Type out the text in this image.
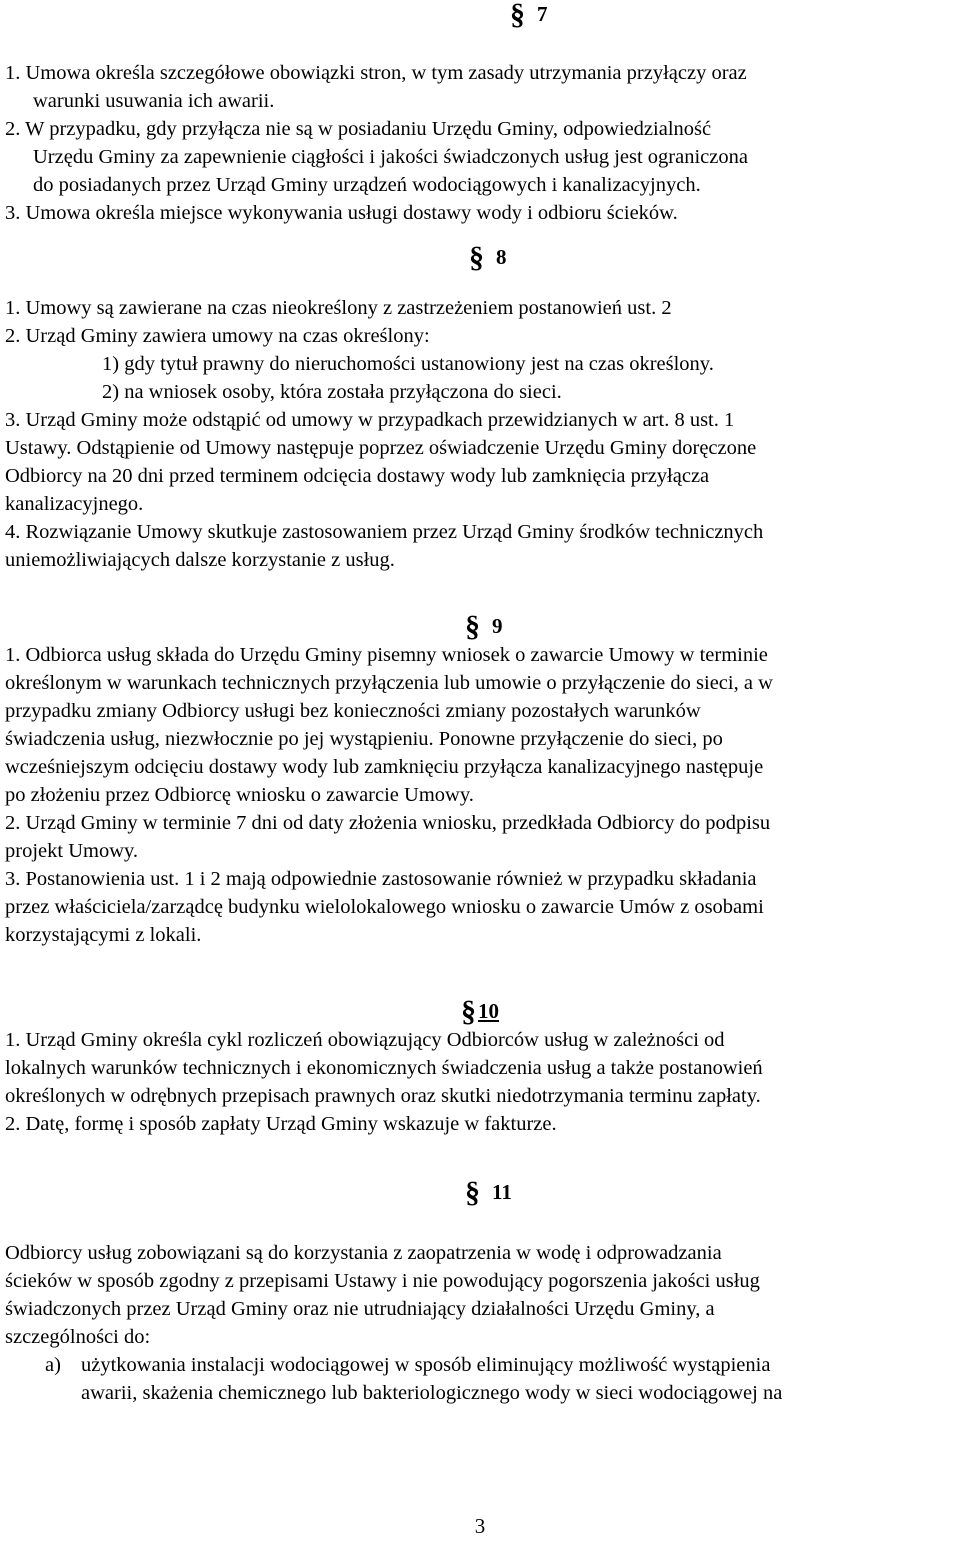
§ 7

1. Umowa określa szczegółowe obowiązki stron, w tym zasady utrzymania przyłączy oraz

warunki usuwania ich awarii.

2. W przypadku, gdy przyłącza nie są w posiadaniu Urzędu Gminy, odpowiedzialność

Urzędu Gminy za zapewnienie ciągłości i jakości świadczonych usług jest ograniczona

do posiadanych przez Urząd Gminy urządzeń wodociągowych i kanalizacyjnych.

3. Umowa określa miejsce wykonywania usługi dostawy wody i odbioru ścieków.

§ 8

1. Umowy są zawierane na czas nieokreślony z zastrzeżeniem postanowień ust. 2

2. Urząd Gminy zawiera umowy na czas określony:

1) gdy tytuł prawny do nieruchomości ustanowiony jest na czas określony.

2) na wniosek osoby, która została przyłączona do sieci.

3. Urząd Gminy może odstąpić od umowy w przypadkach przewidzianych w art. 8 ust. 1

Ustawy. Odstąpienie od Umowy następuje poprzez oświadczenie Urzędu Gminy doręczone

Odbiorcy na 20 dni przed terminem odcięcia dostawy wody lub zamknięcia przyłącza

kanalizacyjnego.

4. Rozwiązanie Umowy skutkuje zastosowaniem przez Urząd Gminy środków technicznych

uniemożliwiających dalsze korzystanie z usług.

§ 9

1. Odbiorca usług składa do Urzędu Gminy pisemny wniosek o zawarcie Umowy w terminie

określonym w warunkach technicznych przyłączenia lub umowie o przyłączenie do sieci, a w

przypadku zmiany Odbiorcy usługi bez konieczności zmiany pozostałych warunków

świadczenia usług, niezwłocznie po jej wystąpieniu. Ponowne przyłączenie do sieci, po

wcześniejszym odcięciu dostawy wody lub zamknięciu przyłącza kanalizacyjnego następuje

po złożeniu przez Odbiorcę wniosku o zawarcie Umowy.

2. Urząd Gminy w terminie 7 dni od daty złożenia wniosku, przedkłada Odbiorcy do podpisu

projekt Umowy.

3. Postanowienia ust. 1 i 2 mają odpowiednie zastosowanie również w przypadku składania

przez właściciela/zarządcę budynku wielolokalowego wniosku o zawarcie Umów z osobami

korzystającymi z lokali.

§10

1. Urząd Gminy określa cykl rozliczeń obowiązujący Odbiorców usług w zależności od

lokalnych warunków technicznych i ekonomicznych świadczenia usług a także postanowień

określonych w odrębnych przepisach prawnych oraz skutki niedotrzymania terminu zapłaty.

2. Datę, formę i sposób zapłaty Urząd Gminy wskazuje w fakturze.

§ 11

Odbiorcy usług zobowiązani są do korzystania z zaopatrzenia w wodę i odprowadzania

ścieków w sposób zgodny z przepisami Ustawy i nie powodujący pogorszenia jakości usług

świadczonych przez Urząd Gminy oraz nie utrudniający działalności Urzędu Gminy, a

szczególności do:

a) użytkowania instalacji wodociągowej w sposób eliminujący możliwość wystąpienia
awarii, skażenia chemicznego lub bakteriologicznego wody w sieci wodociągowej na
3
